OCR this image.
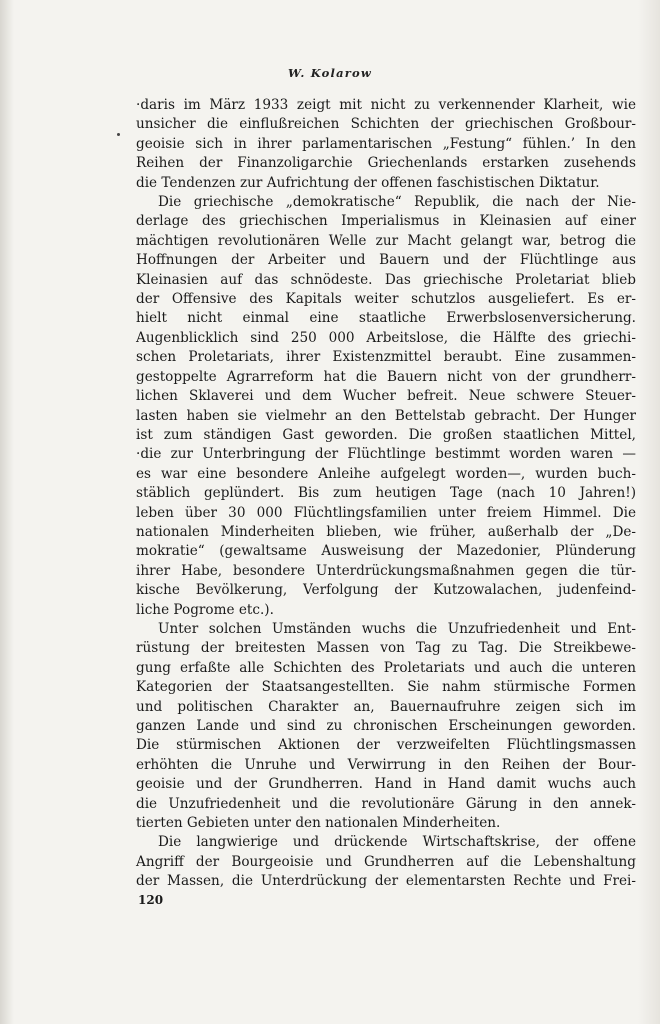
W. Kolarow

·daris im März 1933 zeigt mit nicht zu verkennender Klarheit, wie

unsicher die einflußreichen Schichten der griechischen Großbour-

geoisie sich in ihrer parlamentarischen „Festung“ fühlen.’ In den

Reihen der Finanzoligarchie Griechenlands erstarken zusehends

die Tendenzen zur Aufrichtung der offenen faschistischen Diktatur.

Die griechische „demokratische“ Republik, die nach der Nie-

derlage des griechischen Imperialismus in Kleinasien auf einer

mächtigen revolutionären Welle zur Macht gelangt war, betrog die

Hoffnungen der Arbeiter und Bauern und der Flüchtlinge aus

Kleinasien auf das schnödeste. Das griechische Proletariat blieb

der Offensive des Kapitals weiter schutzlos ausgeliefert. Es er-

hielt nicht einmal eine staatliche Erwerbslosenversicherung.

Augenblicklich sind 250 000 Arbeitslose, die Hälfte des griechi-

schen Proletariats, ihrer Existenzmittel beraubt. Eine zusammen-

gestoppelte Agrarreform hat die Bauern nicht von der grundherr-

lichen Sklaverei und dem Wucher befreit. Neue schwere Steuer-

lasten haben sie vielmehr an den Bettelstab gebracht. Der Hunger

ist zum ständigen Gast geworden. Die großen staatlichen Mittel,

·die zur Unterbringung der Flüchtlinge bestimmt worden waren —

es war eine besondere Anleihe aufgelegt worden—, wurden buch-

stäblich geplündert. Bis zum heutigen Tage (nach 10 Jahren!)

leben über 30 000 Flüchtlingsfamilien unter freiem Himmel. Die

nationalen Minderheiten blieben, wie früher, außerhalb der „De-

mokratie“ (gewaltsame Ausweisung der Mazedonier, Plünderung

ihrer Habe, besondere Unterdrückungsmaßnahmen gegen die tür-

kische Bevölkerung, Verfolgung der Kutzowalachen, judenfeind-

liche Pogrome etc.).

Unter solchen Umständen wuchs die Unzufriedenheit und Ent-

rüstung der breitesten Massen von Tag zu Tag. Die Streikbewe-

gung erfaßte alle Schichten des Proletariats und auch die unteren

Kategorien der Staatsangestellten. Sie nahm stürmische Formen

und politischen Charakter an, Bauernaufruhre zeigen sich im

ganzen Lande und sind zu chronischen Erscheinungen geworden.

Die stürmischen Aktionen der verzweifelten Flüchtlingsmassen

erhöhten die Unruhe und Verwirrung in den Reihen der Bour-

geoisie und der Grundherren. Hand in Hand damit wuchs auch

die Unzufriedenheit und die revolutionäre Gärung in den annek-

tierten Gebieten unter den nationalen Minderheiten.

Die langwierige und drückende Wirtschaftskrise, der offene

Angriff der Bourgeoisie und Grundherren auf die Lebenshaltung

der Massen, die Unterdrückung der elementarsten Rechte und Frei-

120
